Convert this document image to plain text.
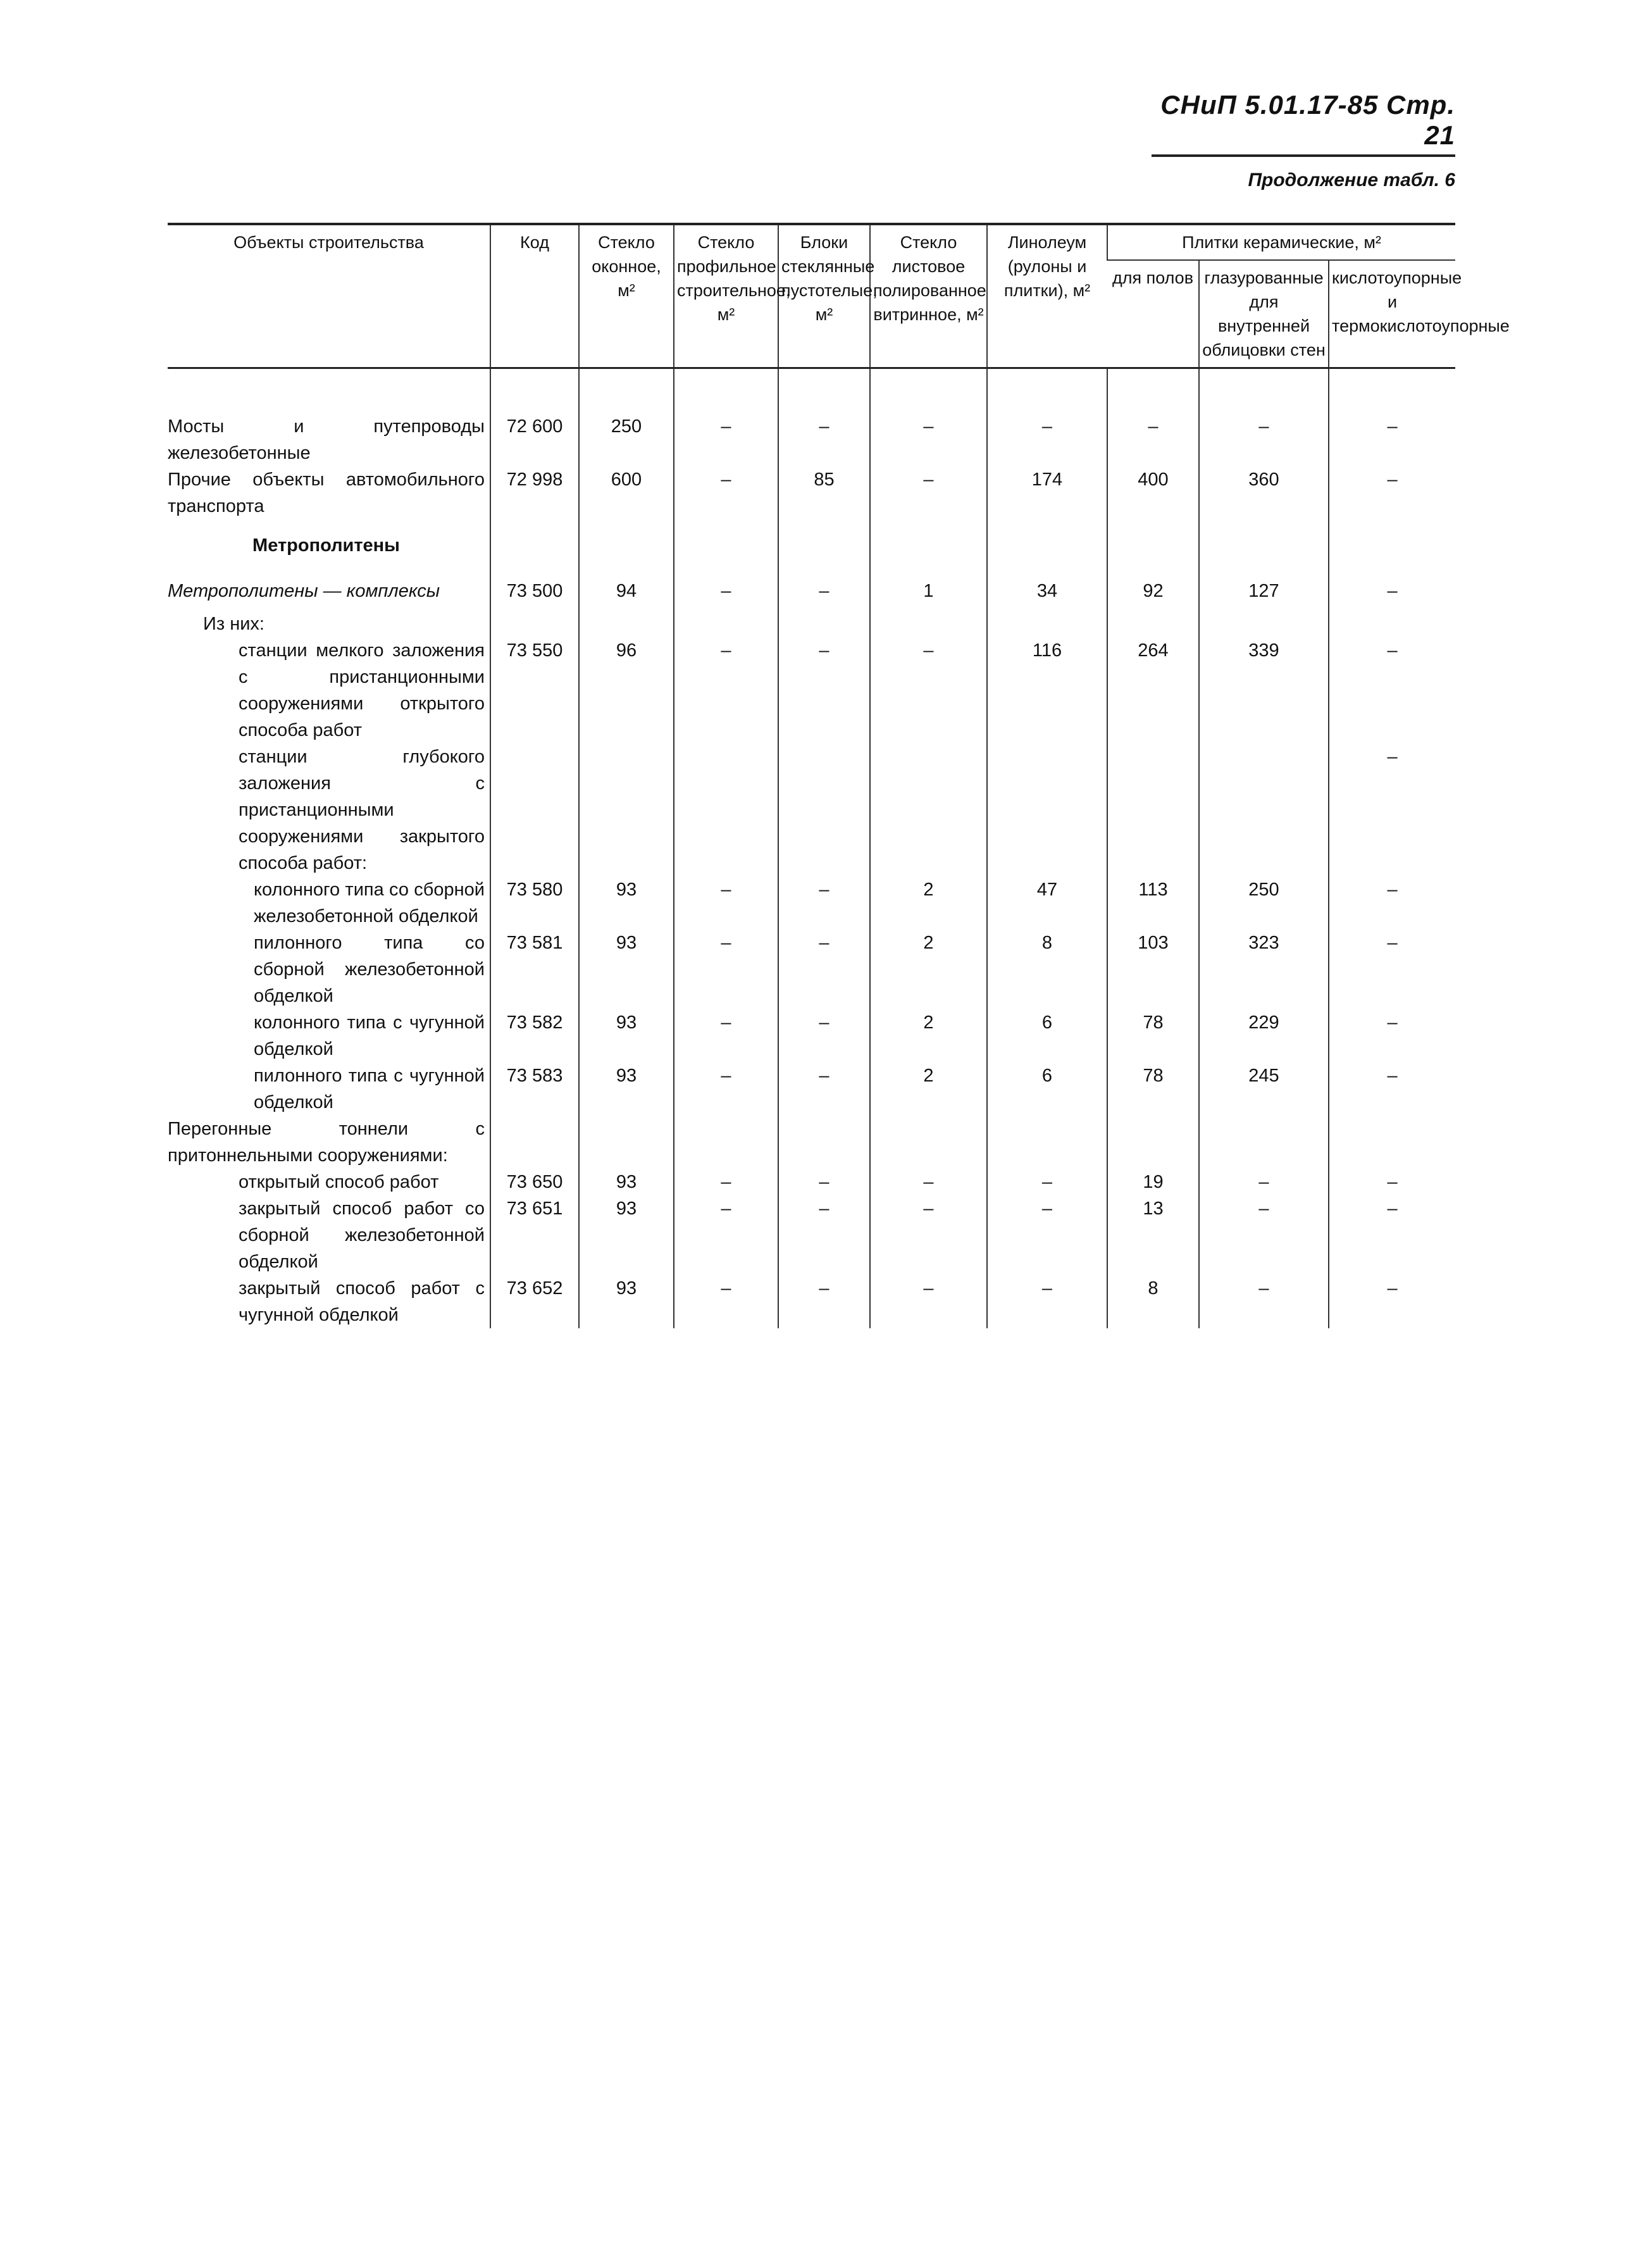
СНиП 5.01.17-85 Стр. 21
Продолжение табл. 6
Объекты строительства	Код	Стекло оконное, м²	Стекло профильное строительное, м²	Блоки стеклянные пустотелые, м²	Стекло листовое полированное витринное, м²	Линолеум (рулоны и плитки), м²	Плитки керамические, м²		
							для полов	глазурованные для внутренней облицовки стен	кислотоупорные и термокислотоупорные

Мосты и путепроводы железобетонные	72 600	250	–	–	–	–	–	–	–
Прочие объекты автомобильного транспорта	72 998	600	–	85	–	174	400	360	–
Метрополитены									
Метрополитены — комплексы	73 500	94	–	–	1	34	92	127	–
Из них:									
станции мелкого заложения с пристанционными сооружениями открытого способа работ	73 550	96	–	–	–	116	264	339	–
станции глубокого заложения с пристанционными сооружениями закрытого способа работ:									–
колонного типа со сборной железобетонной обделкой	73 580	93	–	–	2	47	113	250	–
пилонного типа со сборной железобетонной обделкой	73 581	93	–	–	2	8	103	323	–
колонного типа с чугунной обделкой	73 582	93	–	–	2	6	78	229	–
пилонного типа с чугунной обделкой	73 583	93	–	–	2	6	78	245	–
Перегонные тоннели с притоннельными сооружениями:									
открытый способ работ	73 650	93	–	–	–	–	19	–	–
закрытый способ работ со сборной железобетонной обделкой	73 651	93	–	–	–	–	13	–	–
закрытый способ работ с чугунной обделкой	73 652	93	–	–	–	–	8	–	–
